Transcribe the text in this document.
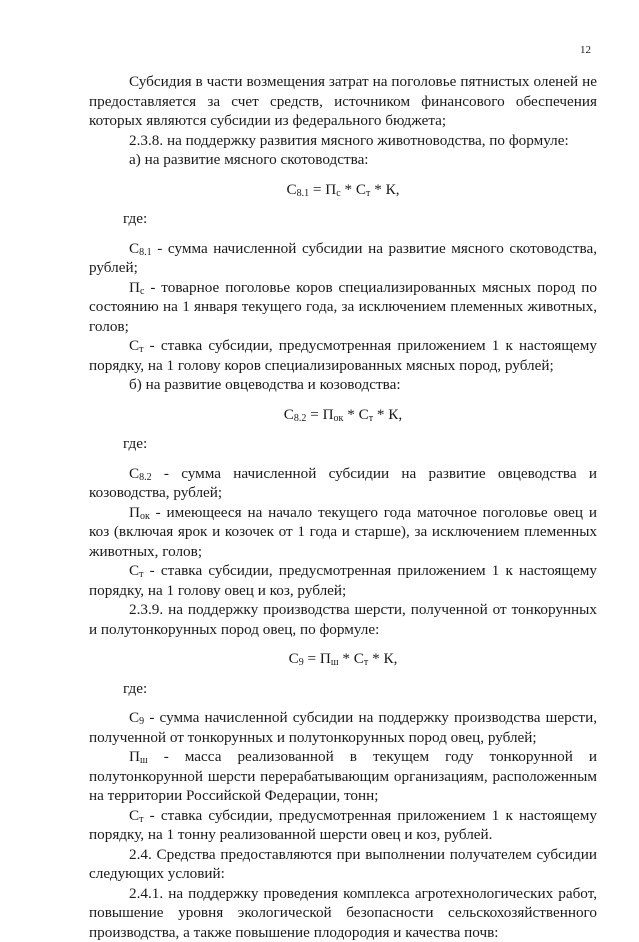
12

Субсидия в части возмещения затрат на поголовье пятнистых оленей не предоставляется за счет средств, источником финансового обеспечения которых являются субсидии из федерального бюджета;

2.3.8. на поддержку развития мясного животноводства, по формуле:

а) на развитие мясного скотоводства:

$С_{8.1} = П_с * С_т * К$,

где:

$С_{8.1}$ - сумма начисленной субсидии на развитие мясного скотоводства, рублей;

$П_с$ - товарное поголовье коров специализированных мясных пород по состоянию на 1 января текущего года, за исключением племенных животных, голов;

$С_т$ - ставка субсидии, предусмотренная приложением 1 к настоящему порядку, на 1 голову коров специализированных мясных пород, рублей;

б) на развитие овцеводства и козоводства:

$С_{8.2} = П_{ок} * С_т * К$,

где:

$С_{8.2}$ - сумма начисленной субсидии на развитие овцеводства и козоводства, рублей;

$П_{ок}$ - имеющееся на начало текущего года маточное поголовье овец и коз (включая ярок и козочек от 1 года и старше), за исключением племенных животных, голов;

$С_т$ - ставка субсидии, предусмотренная приложением 1 к настоящему порядку, на 1 голову овец и коз, рублей;

2.3.9. на поддержку производства шерсти, полученной от тонкорунных и полутонкорунных пород овец, по формуле:

$С_9 = П_ш * С_т * К$,

где:

$С_9$ - сумма начисленной субсидии на поддержку производства шерсти, полученной от тонкорунных и полутонкорунных пород овец, рублей;

$П_ш$ - масса реализованной в текущем году тонкорунной и полутонкорунной шерсти перерабатывающим организациям, расположенным на территории Российской Федерации, тонн;

$С_т$ - ставка субсидии, предусмотренная приложением 1 к настоящему порядку, на 1 тонну реализованной шерсти овец и коз, рублей.

2.4. Средства предоставляются при выполнении получателем субсидии следующих условий:

2.4.1. на поддержку проведения комплекса агротехнологических работ, повышение уровня экологической безопасности сельскохозяйственного производства, а также повышение плодородия и качества почв:
